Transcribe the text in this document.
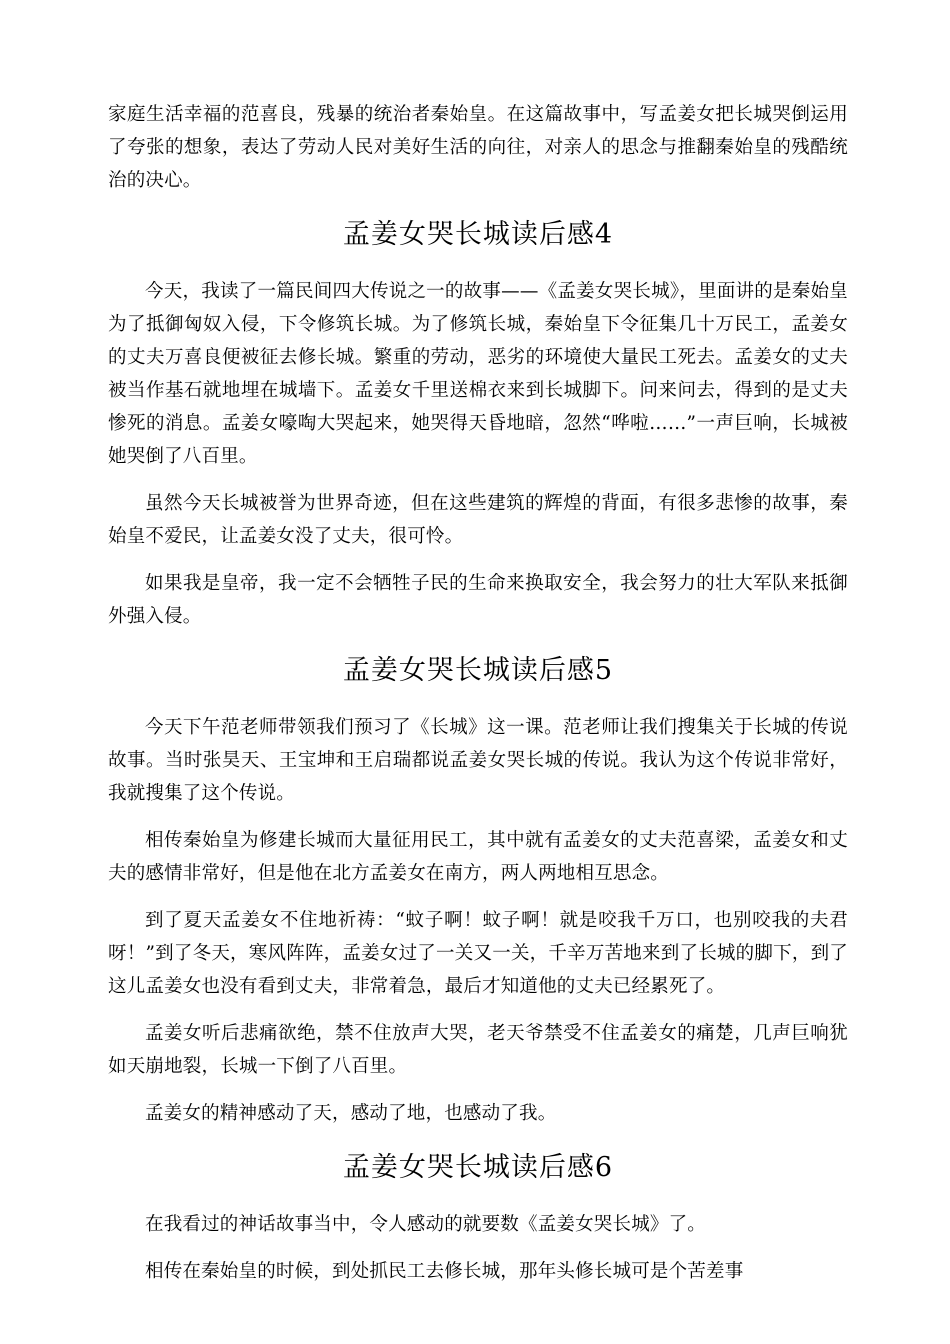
家庭生活幸福的范喜良，残暴的统治者秦始皇。在这篇故事中，写孟姜女把长城哭倒运用了夸张的想象，表达了劳动人民对美好生活的向往，对亲人的思念与推翻秦始皇的残酷统治的决心。

孟姜女哭长城读后感4

今天，我读了一篇民间四大传说之一的故事——《孟姜女哭长城》，里面讲的是秦始皇为了抵御匈奴入侵，下令修筑长城。为了修筑长城，秦始皇下令征集几十万民工，孟姜女的丈夫万喜良便被征去修长城。繁重的劳动，恶劣的环境使大量民工死去。孟姜女的丈夫被当作基石就地埋在城墙下。孟姜女千里送棉衣来到长城脚下。问来问去，得到的是丈夫惨死的消息。孟姜女嚎啕大哭起来，她哭得天昏地暗，忽然“哗啦……”一声巨响，长城被她哭倒了八百里。

虽然今天长城被誉为世界奇迹，但在这些建筑的辉煌的背面，有很多悲惨的故事，秦始皇不爱民，让孟姜女没了丈夫，很可怜。

如果我是皇帝，我一定不会牺牲子民的生命来换取安全，我会努力的壮大军队来抵御外强入侵。

孟姜女哭长城读后感5

今天下午范老师带领我们预习了《长城》这一课。范老师让我们搜集关于长城的传说故事。当时张昊天、王宝坤和王启瑞都说孟姜女哭长城的传说。我认为这个传说非常好，我就搜集了这个传说。

相传秦始皇为修建长城而大量征用民工，其中就有孟姜女的丈夫范喜梁，孟姜女和丈夫的感情非常好，但是他在北方孟姜女在南方，两人两地相互思念。

到了夏天孟姜女不住地祈祷：“蚊子啊！蚊子啊！就是咬我千万口，也别咬我的夫君呀！”到了冬天，寒风阵阵，孟姜女过了一关又一关，千辛万苦地来到了长城的脚下，到了这儿孟姜女也没有看到丈夫，非常着急，最后才知道他的丈夫已经累死了。

孟姜女听后悲痛欲绝，禁不住放声大哭，老天爷禁受不住孟姜女的痛楚，几声巨响犹如天崩地裂，长城一下倒了八百里。

孟姜女的精神感动了天，感动了地，也感动了我。

孟姜女哭长城读后感6

在我看过的神话故事当中，令人感动的就要数《孟姜女哭长城》了。

相传在秦始皇的时候，到处抓民工去修长城，那年头修长城可是个苦差事
